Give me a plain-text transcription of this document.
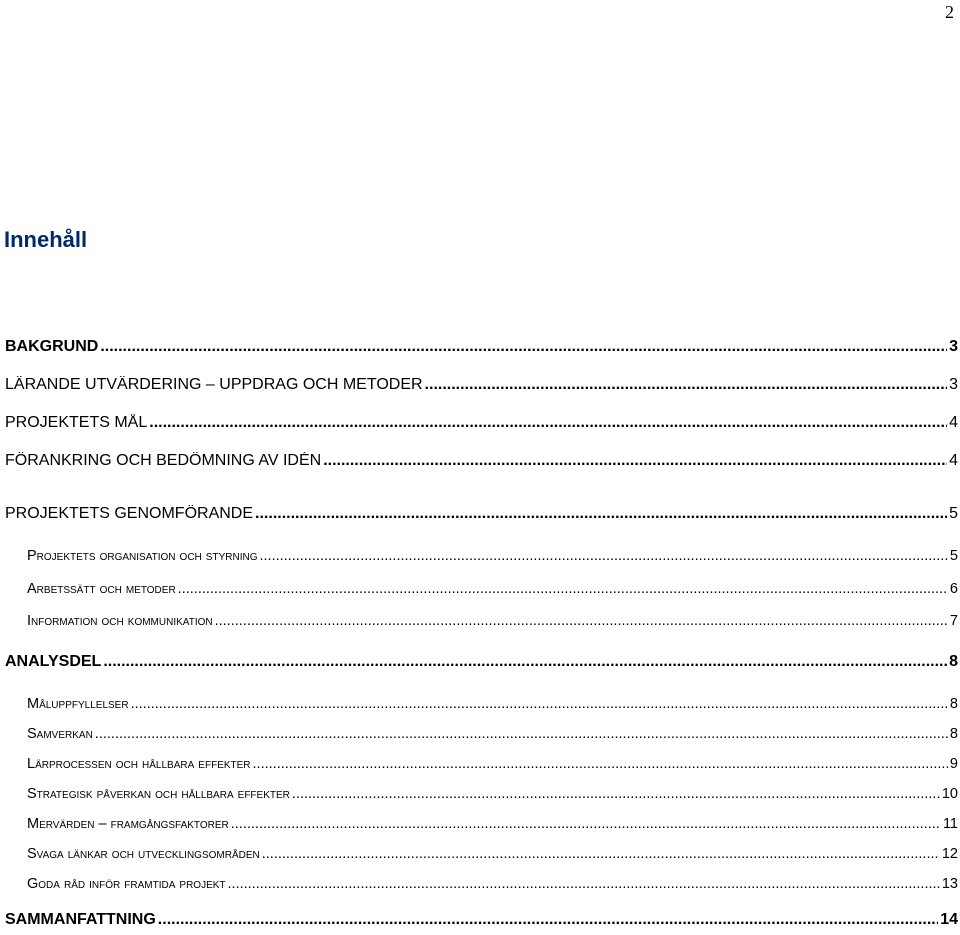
2
Innehåll
BAKGRUND .....	3
LÄRANDE UTVÄRDERING – UPPDRAG OCH METODER .....	3
PROJEKTETS MÅL .....	4
FÖRANKRING OCH BEDÖMNING AV IDÉN .....	4
PROJEKTETS GENOMFÖRANDE .....	5
Projektets organisation och styrning .....	5
Arbetssätt och metoder .....	6
Information och kommunikation .....	7
ANALYSDEL .....	8
Måluppfyllelser .....	8
Samverkan .....	8
Lärprocessen och hållbara effekter .....	9
Strategisk påverkan och hållbara effekter .....	10
Mervärden – framgångsfaktorer .....	11
Svaga länkar och utvecklingsområden .....	12
Goda råd inför framtida projekt .....	13
SAMMANFATTNING .....	14
